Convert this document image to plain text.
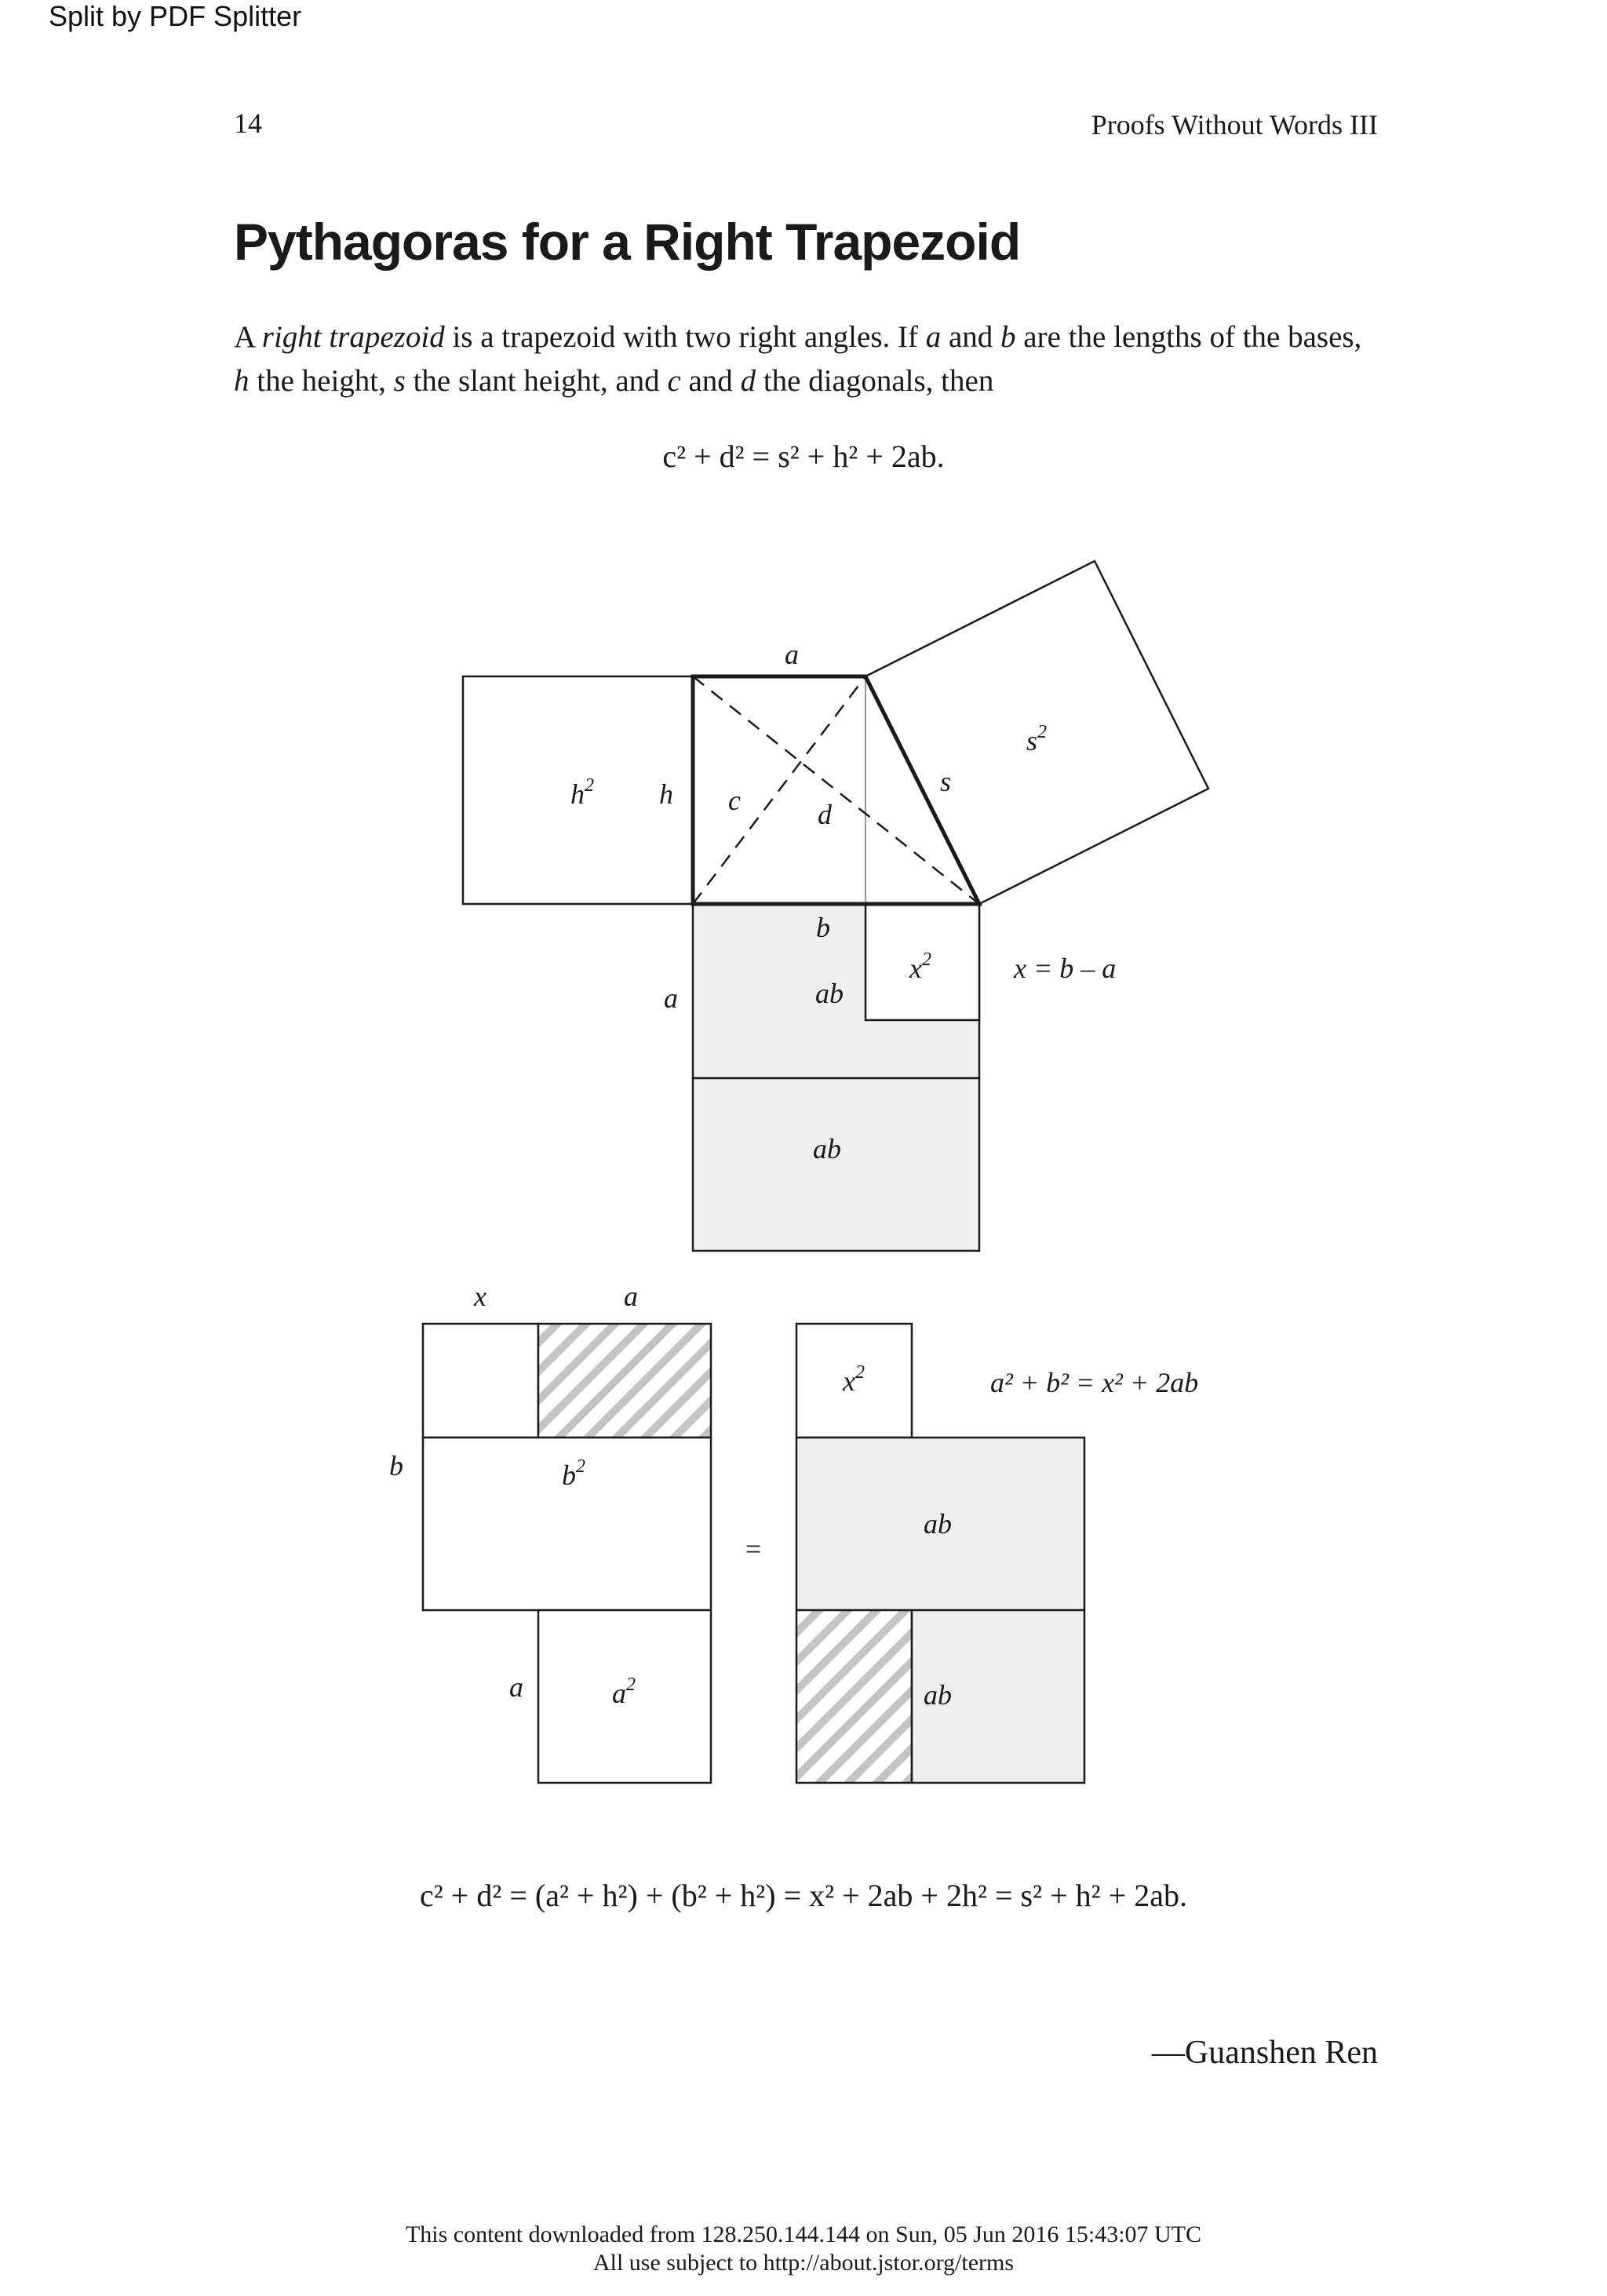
Split by PDF Splitter
14	Proofs Without Words III
Pythagoras for a Right Trapezoid
A right trapezoid is a trapezoid with two right angles. If a and b are the lengths of the bases,
h the height, s the slant height, and c and d the diagonals, then
c² + d² = s² + h² + 2ab.
a
$h^2$ h c	d
s
$s^2$
b
$x^2$	x = b – a
a	ab
ab
x	a
b	$b^2$
a	$a^2$
=
$x^2$	a² + b² = x² + 2ab
ab
ab
c² + d² = (a² + h²) + (b² + h²) = x² + 2ab + 2h² = s² + h² + 2ab.
—Guanshen Ren
This content downloaded from 128.250.144.144 on Sun, 05 Jun 2016 15:43:07 UTC
All use subject to http://about.jstor.org/terms
